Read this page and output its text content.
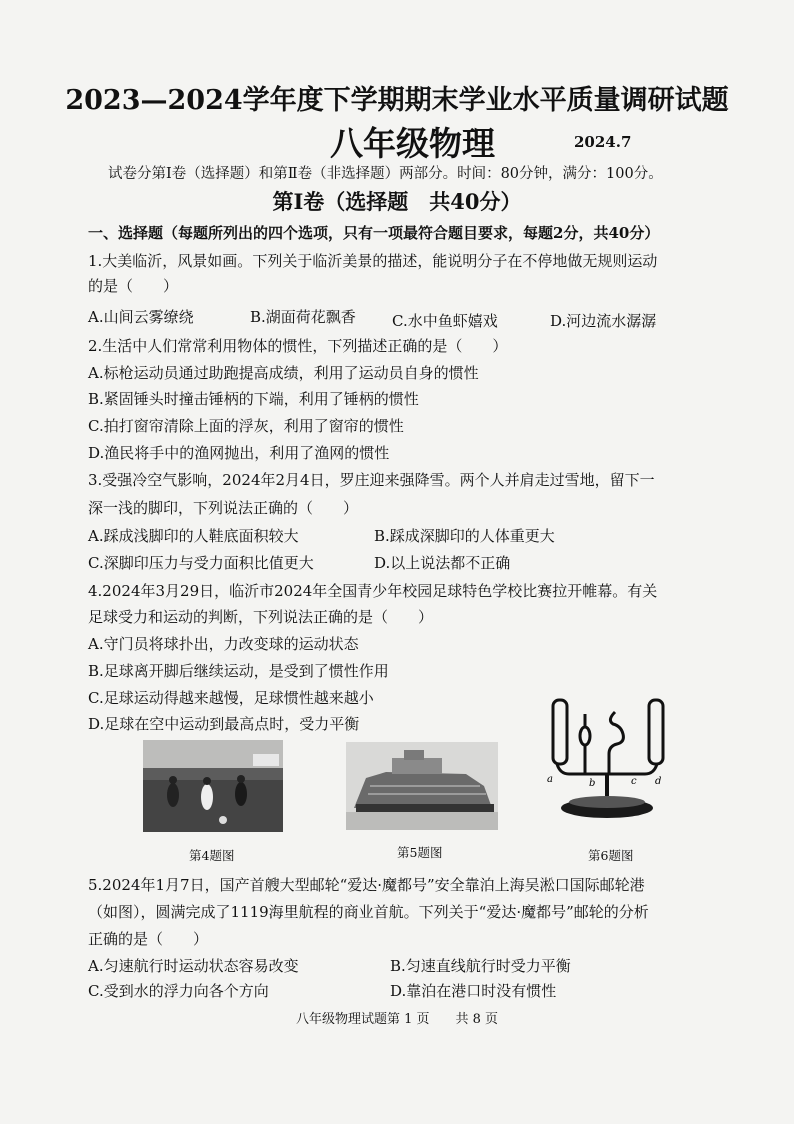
2023—2024学年度下学期期末学业水平质量调研试题
八年级物理	2024.7
试卷分第Ⅰ卷（选择题）和第Ⅱ卷（非选择题）两部分。时间：80分钟，满分：100分。
第Ⅰ卷（选择题　共40分）
一、选择题（每题所列出的四个选项，只有一项最符合题目要求，每题2分，共40分）
1.大美临沂，风景如画。下列关于临沂美景的描述，能说明分子在不停地做无规则运动
的是（　　）
A.山间云雾缭绕	B.湖面荷花飘香 C.水中鱼虾嬉戏	D.河边流水潺潺
2.生活中人们常常利用物体的惯性，下列描述正确的是（　　）
A.标枪运动员通过助跑提高成绩，利用了运动员自身的惯性
B.紧固锤头时撞击锤柄的下端，利用了锤柄的惯性
C.拍打窗帘清除上面的浮灰，利用了窗帘的惯性
D.渔民将手中的渔网抛出，利用了渔网的惯性
3.受强冷空气影响，2024年2月4日，罗庄迎来强降雪。两个人并肩走过雪地，留下一
深一浅的脚印，下列说法正确的（　　）
A.踩成浅脚印的人鞋底面积较大	B.踩成深脚印的人体重更大
C.深脚印压力与受力面积比值更大	D.以上说法都不正确
4.2024年3月29日，临沂市2024年全国青少年校园足球特色学校比赛拉开帷幕。有关
足球受力和运动的判断，下列说法正确的是（　　）
A.守门员将球扑出，力改变球的运动状态
B.足球离开脚后继续运动，是受到了惯性作用
C.足球运动得越来越慢，足球惯性越来越小
D.足球在空中运动到最高点时，受力平衡
第4题图	第5题图
a	b	c d
第6题图
5.2024年1月7日，国产首艘大型邮轮“爱达·魔都号”安全靠泊上海吴淞口国际邮轮港
（如图），圆满完成了1119海里航程的商业首航。下列关于“爱达·魔都号”邮轮的分析
正确的是（　　）
A.匀速航行时运动状态容易改变	B.匀速直线航行时受力平衡
C.受到水的浮力向各个方向	D.靠泊在港口时没有惯性
八年级物理试题第 1 页　　共 8 页
